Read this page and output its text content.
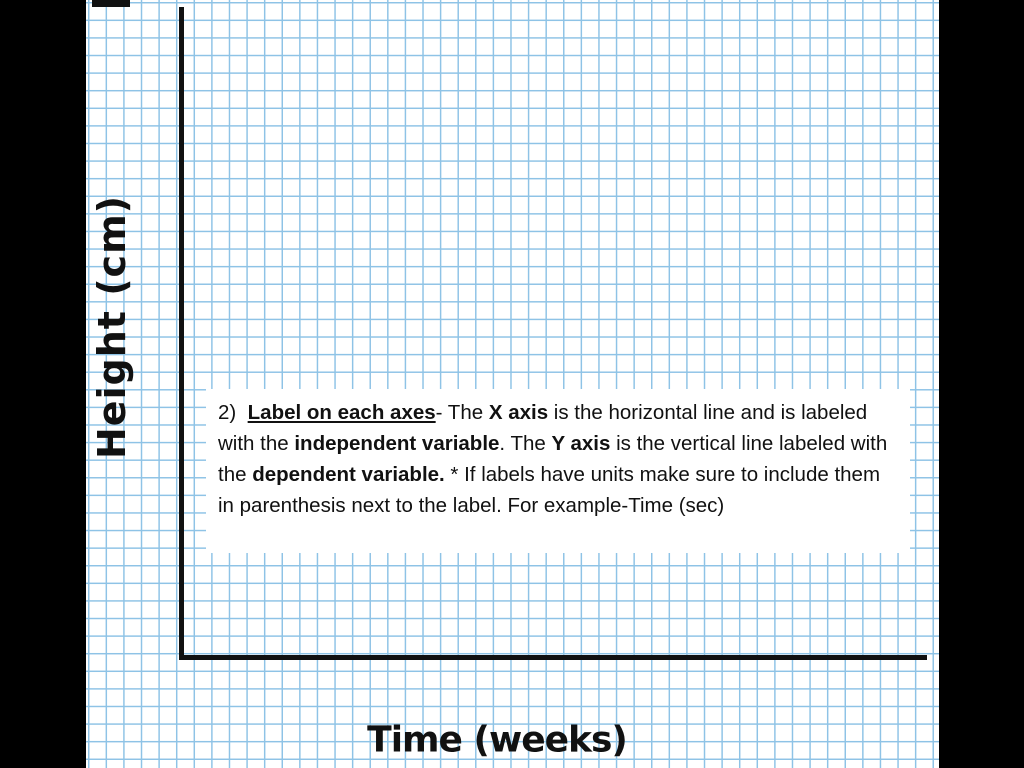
Height (cm)
Time (weeks)
2) Label on each axes- The X axis is the horizontal line and is labeled with the independent variable. The Y axis is the vertical line labeled with the dependent variable. * If labels have units make sure to include them in parenthesis next to the label. For example-Time (sec)
